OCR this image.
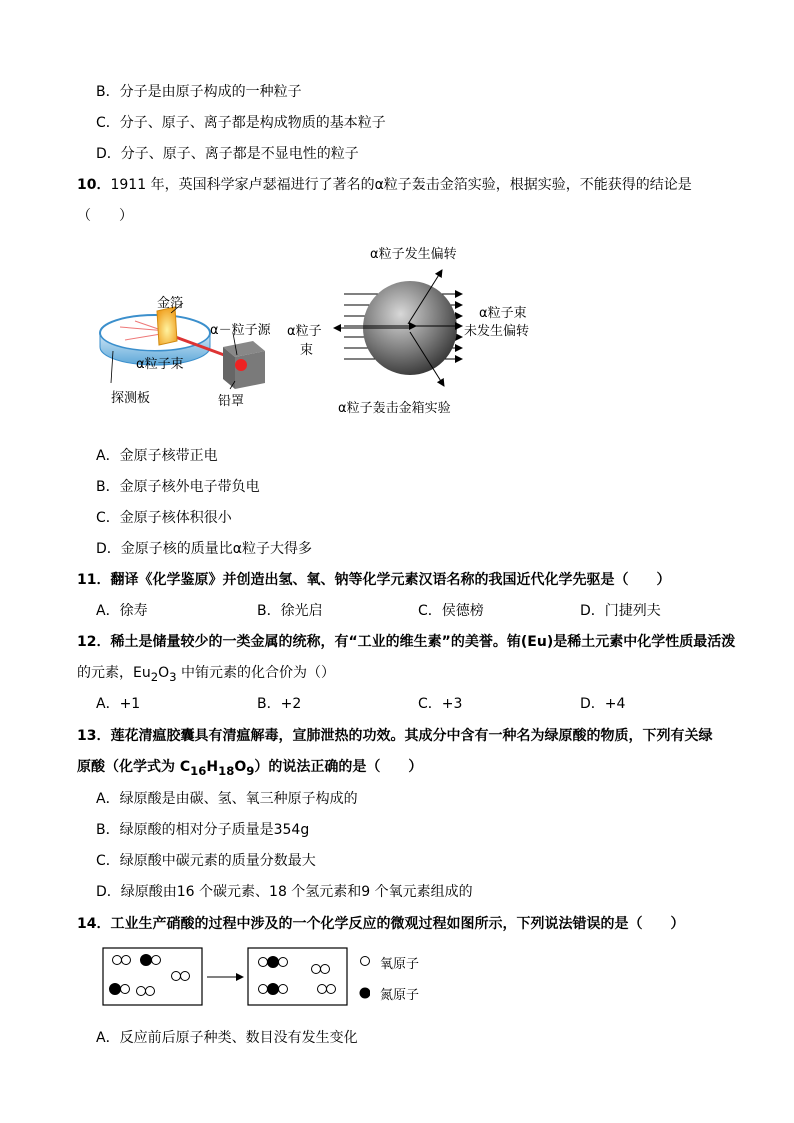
B．分子是由原子构成的一种粒子
C．分子、原子、离子都是构成物质的基本粒子
D．分子、原子、离子都是不显电性的粒子
10．1911 年，英国科学家卢瑟福进行了著名的α粒子轰击金箔实验，根据实验，不能获得的结论是
（　　）
金箔
α－粒子源
α粒子束
探测板	铅罩
α粒子发生偏转
α粒子
束
α粒子束
未发生偏转
α粒子轰击金箱实验
A．金原子核带正电
B．金原子核外电子带负电
C．金原子核体积很小
D．金原子核的质量比α粒子大得多
11．翻译《化学鉴原》并创造出氢、氧、钠等化学元素汉语名称的我国近代化学先驱是（　　）
A．徐寿	B．徐光启	C．侯德榜	D．门捷列夫
12．稀土是储量较少的一类金属的统称，有“工业的维生素”的美誉。铕(Eu)是稀土元素中化学性质最活泼
的元素，$Eu_2O_3$ 中铕元素的化合价为（）
A．+1	B．+2	C．+3	D．+4
13．莲花清瘟胶囊具有清瘟解毒，宣肺泄热的功效。其成分中含有一种名为绿原酸的物质，下列有关绿
原酸（化学式为 $C_{16}H_{18}O_9$）的说法正确的是（　　）
A．绿原酸是由碳、氢、氧三种原子构成的
B．绿原酸的相对分子质量是354g
C．绿原酸中碳元素的质量分数最大
D．绿原酸由16 个碳元素、18 个氢元素和9 个氧元素组成的
14．工业生产硝酸的过程中涉及的一个化学反应的微观过程如图所示，下列说法错误的是（　　）
氧原子
氮原子
A．反应前后原子种类、数目没有发生变化
